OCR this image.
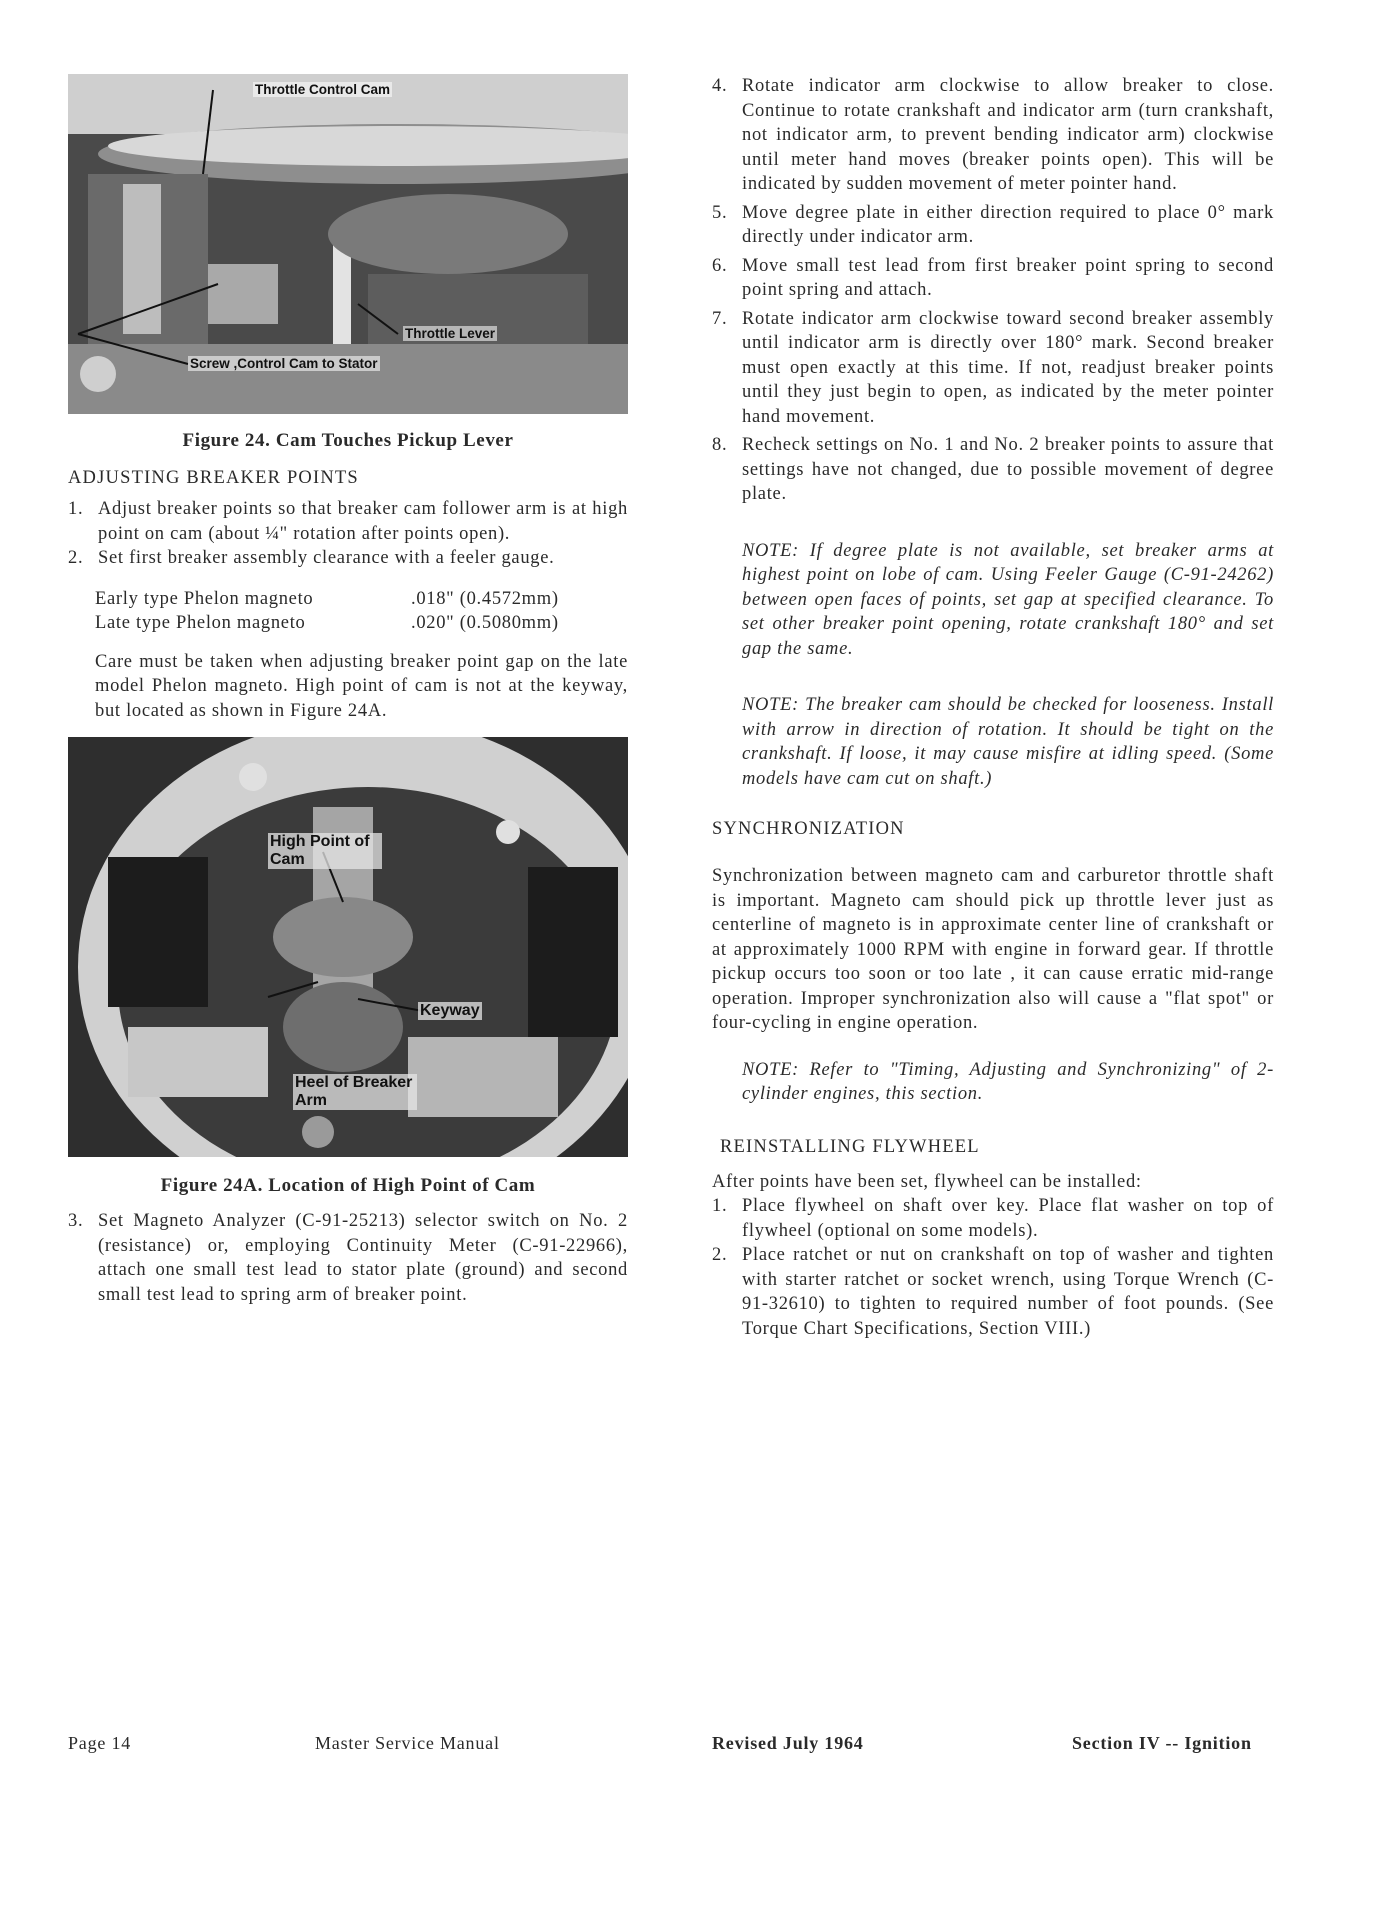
Throttle Control Cam
Throttle Lever
Screw ,Control Cam to Stator
Figure 24. Cam Touches Pickup Lever
ADJUSTING BREAKER POINTS
1. Adjust breaker points so that breaker cam follower arm is at high point on cam (about ¼" rotation after points open).
2. Set first breaker assembly clearance with a feeler gauge.
Early type Phelon magneto	.018" (0.4572mm)
Late type Phelon magneto	.020" (0.5080mm)

Care must be taken when adjusting breaker point gap on the late model Phelon magneto. High point of cam is not at the keyway, but located as shown in Figure 24A.

High Point of Cam
Keyway
Heel of Breaker Arm
Figure 24A. Location of High Point of Cam
3. Set Magneto Analyzer (C-91-25213) selector switch on No. 2 (resistance) or, employing Continuity Meter (C-91-22966), attach one small test lead to stator plate (ground) and second small test lead to spring arm of breaker point.
4. Rotate indicator arm clockwise to allow breaker to close. Continue to rotate crankshaft and indicator arm (turn crankshaft, not indicator arm, to prevent bending indicator arm) clockwise until meter hand moves (breaker points open). This will be indicated by sudden movement of meter pointer hand.
5. Move degree plate in either direction required to place 0° mark directly under indicator arm.
6. Move small test lead from first breaker point spring to second point spring and attach.
7. Rotate indicator arm clockwise toward second breaker assembly until indicator arm is directly over 180° mark. Second breaker must open exactly at this time. If not, readjust breaker points until they just begin to open, as indicated by the meter pointer hand movement.
8. Recheck settings on No. 1 and No. 2 breaker points to assure that settings have not changed, due to possible movement of degree plate.

NOTE: If degree plate is not available, set breaker arms at highest point on lobe of cam. Using Feeler Gauge (C-91-24262) between open faces of points, set gap at specified clearance. To set other breaker point opening, rotate crankshaft 180° and set gap the same.

NOTE: The breaker cam should be checked for looseness. Install with arrow in direction of rotation. It should be tight on the crankshaft. If loose, it may cause misfire at idling speed. (Some models have cam cut on shaft.)

SYNCHRONIZATION

Synchronization between magneto cam and carburetor throttle shaft is important. Magneto cam should pick up throttle lever just as centerline of magneto is in approximate center line of crankshaft or at approximately 1000 RPM with engine in forward gear. If throttle pickup occurs too soon or too late , it can cause erratic mid-range operation. Improper synchronization also will cause a "flat spot" or four-cycling in engine operation.

NOTE: Refer to "Timing, Adjusting and Synchronizing" of 2-cylinder engines, this section.

REINSTALLING FLYWHEEL

After points have been set, flywheel can be installed:

1. Place flywheel on shaft over key. Place flat washer on top of flywheel (optional on some models).
2. Place ratchet or nut on crankshaft on top of washer and tighten with starter ratchet or socket wrench, using Torque Wrench (C-91-32610) to tighten to required number of foot pounds. (See Torque Chart Specifications, Section VIII.)
Page 14	Master Service Manual	Revised July 1964	Section IV -- Ignition
